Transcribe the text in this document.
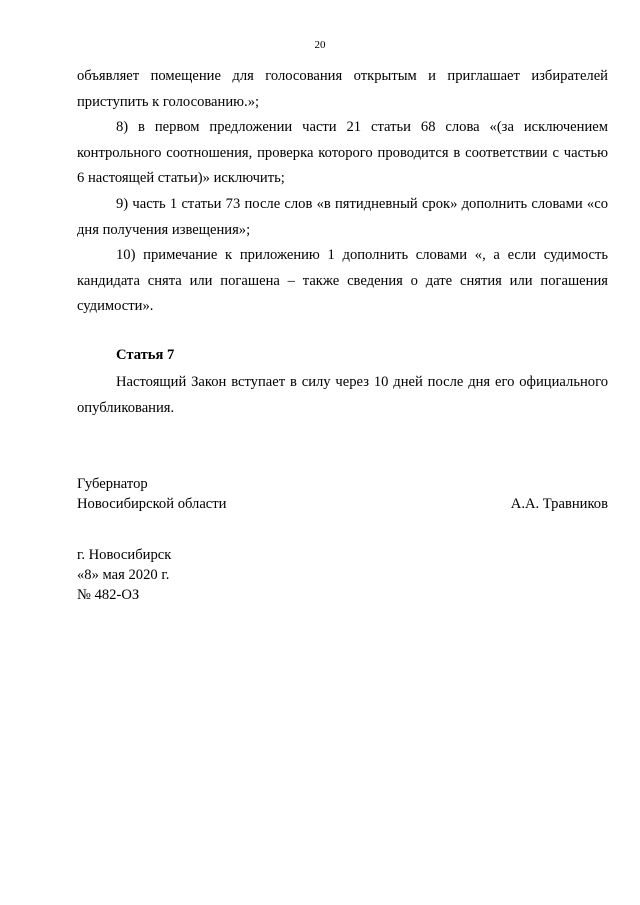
20

объявляет помещение для голосования открытым и приглашает избирателей приступить к голосованию.»;

8) в первом предложении части 21 статьи 68 слова «(за исключением контрольного соотношения, проверка которого проводится в соответствии с частью 6 настоящей статьи)» исключить;

9) часть 1 статьи 73 после слов «в пятидневный срок» дополнить словами «со дня получения извещения»;

10) примечание к приложению 1 дополнить словами «, а если судимость кандидата снята или погашена – также сведения о дате снятия или погашения судимости».

Статья 7

Настоящий Закон вступает в силу через 10 дней после дня его официального опубликования.

Губернатор
Новосибирской области	А.А. Травников
г. Новосибирск
«8» мая 2020 г.
№ 482-ОЗ
